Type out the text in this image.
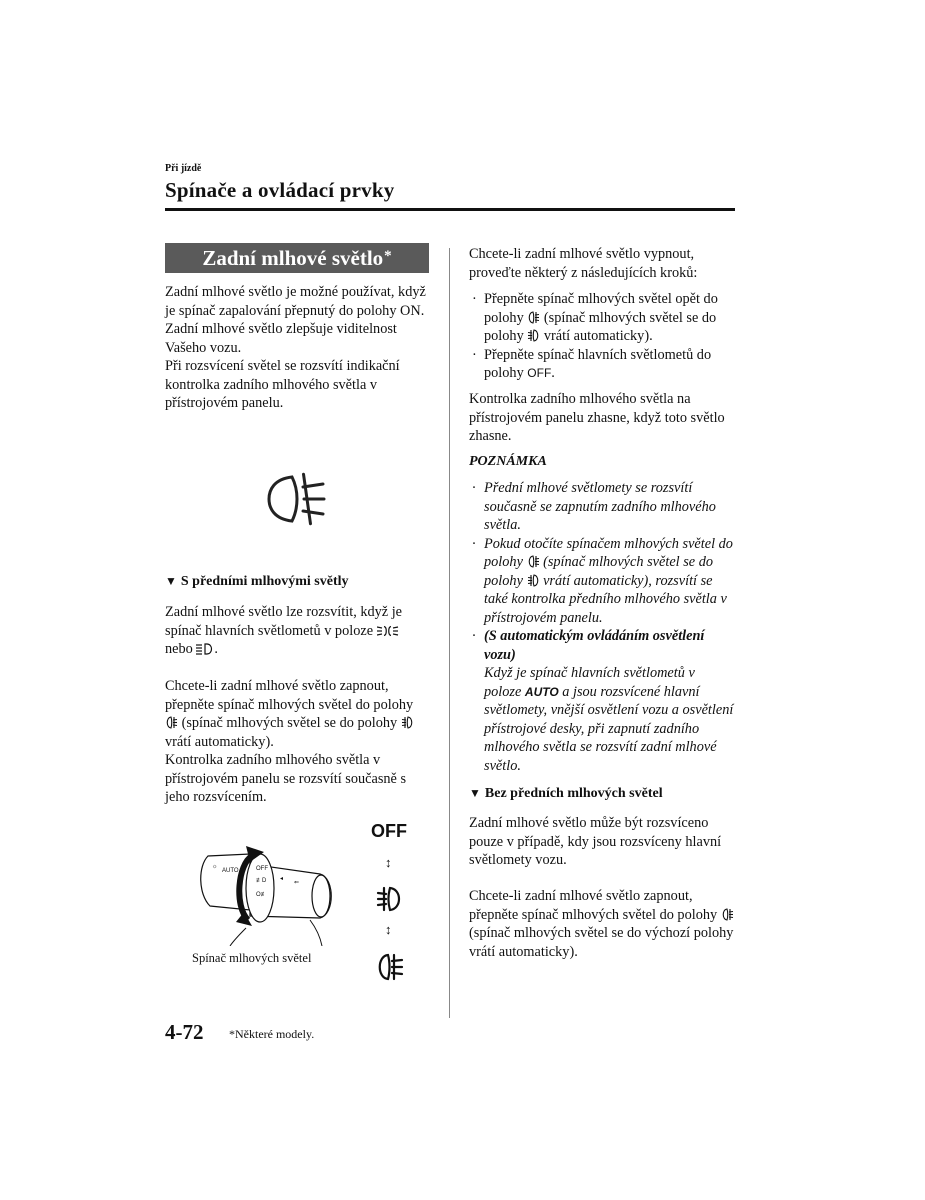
Při jízdě
Spínače a ovládací prvky
Zadní mlhové světlo*

Zadní mlhové světlo je možné používat, když je spínač zapalování přepnutý do polohy ON.

Zadní mlhové světlo zlepšuje viditelnost Vašeho vozu.

Při rozsvícení světel se rozsvítí indikační kontrolka zadního mlhového světla v přístrojovém panelu.

▼ S předními mlhovými světly
Zadní mlhové světlo lze rozsvítit, když je spínač hlavních světlometů v poloze
nebo .
Chcete-li zadní mlhové světlo zapnout, přepněte spínač mlhových světel do polohy  (spínač mlhových světel se do polohy  vrátí automaticky).
Kontrolka zadního mlhového světla v přístrojovém panelu se rozsvítí současně s jeho rozsvícením.
☼
AUTO	OFF
≢D
O≢
◂
⇐
OFF
↕
↕
Spínač mlhových světel

Chcete-li zadní mlhové světlo vypnout, proveďte některý z následujících kroků:

· Přepněte spínač mlhových světel opět do polohy (spínač mlhových světel se do polohy vrátí automaticky).
· Přepněte spínač hlavních světlometů do polohy OFF.

Kontrolka zadního mlhového světla na přístrojovém panelu zhasne, když toto světlo zhasne.

POZNÁMKA
· Přední mlhové světlomety se rozsvítí současně se zapnutím zadního mlhového světla.
· Pokud otočíte spínačem mlhových světel do polohy (spínač mlhových světel se do polohy vrátí automaticky), rozsvítí se také kontrolka předního mlhového světla v přístrojovém panelu.
· (S automatickým ovládáním osvětlení vozu)
Když je spínač hlavních světlometů v poloze AUTO a jsou rozsvícené hlavní světlomety, vnější osvětlení vozu a osvětlení přístrojové desky, při zapnutí zadního mlhového světla se rozsvítí zadní mlhové světlo.
▼ Bez předních mlhových světel

Zadní mlhové světlo může být rozsvíceno pouze v případě, kdy jsou rozsvíceny hlavní světlomety vozu.

Chcete-li zadní mlhové světlo zapnout, přepněte spínač mlhových světel do polohy  (spínač mlhových světel se do výchozí polohy vrátí automaticky).
4-72 *Některé modely.
